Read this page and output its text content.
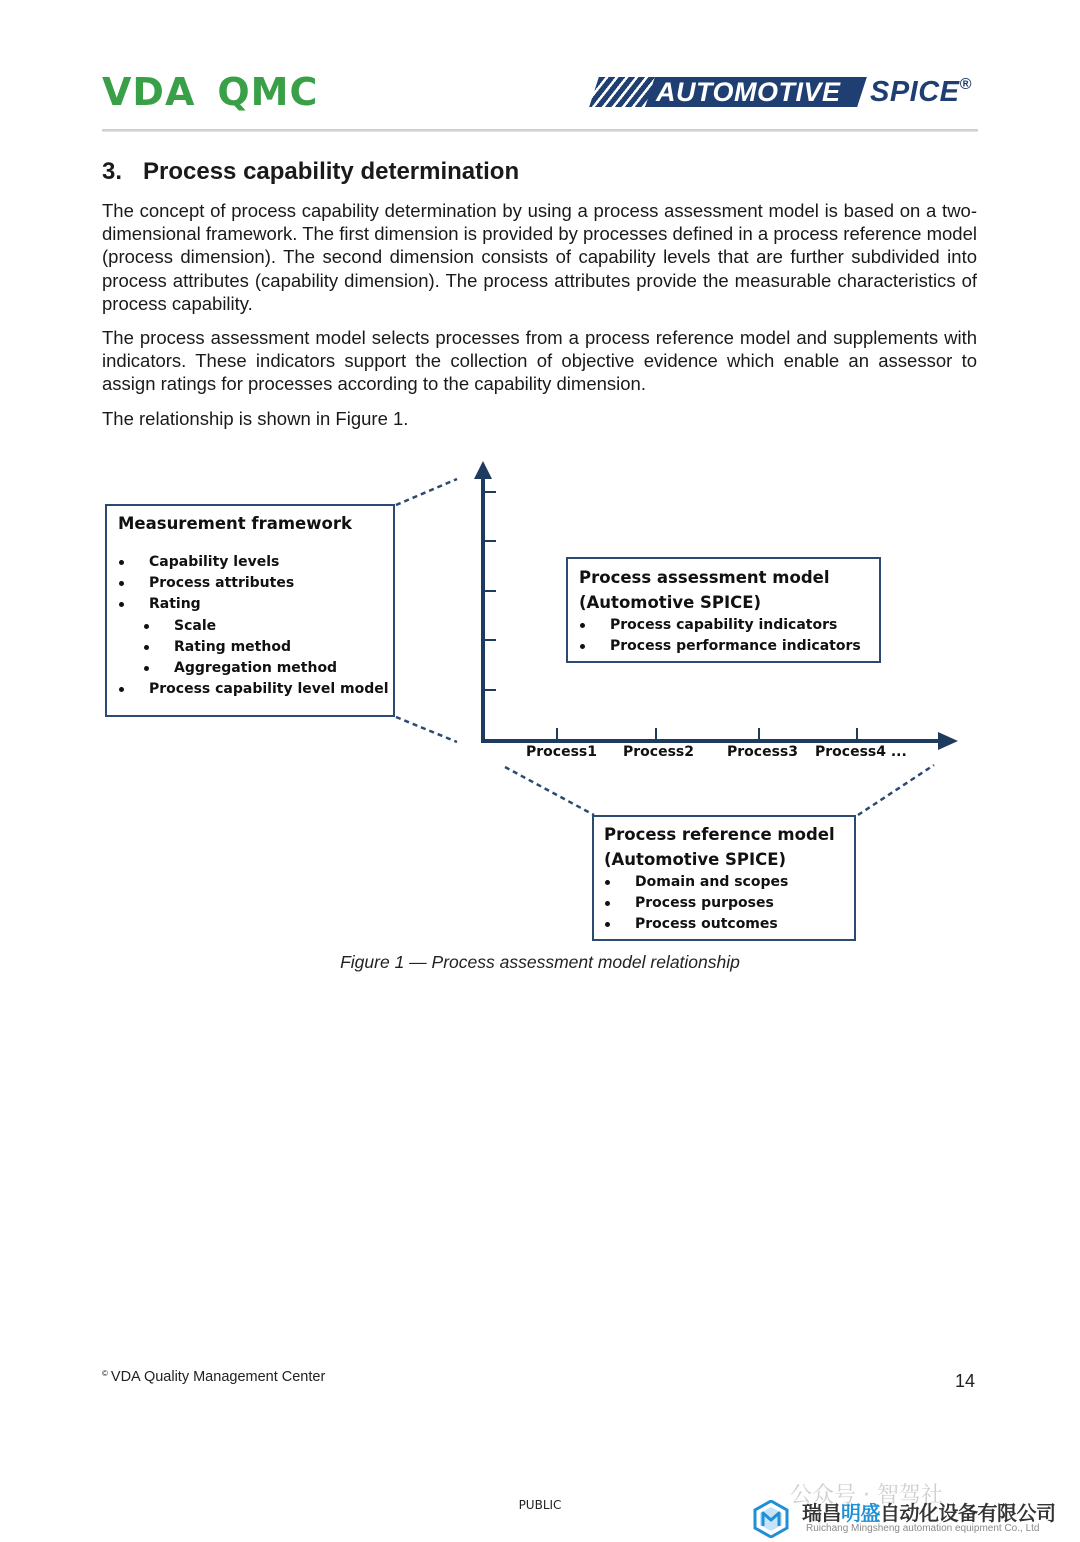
VDA QMC	AUTOMOTIVE	SPICE®
3. Process capability determination

The concept of process capability determination by using a process assessment model is based on a two-dimensional framework. The first dimension is provided by processes defined in a process reference model (process dimension). The second dimension consists of capability levels that are further subdivided into process attributes (capability dimension). The process attributes provide the measurable characteristics of process capability.

The process assessment model selects processes from a process reference model and supplements with indicators. These indicators support the collection of objective evidence which enable an assessor to assign ratings for processes according to the capability dimension.

The relationship is shown in Figure 1.

Process1 Process2 Process3 Process4 ...
Measurement framework
Capability levels
Process attributes
Rating
Scale
Rating method
Aggregation method
Process capability level model
Process assessment model
(Automotive SPICE)
Process capability indicators
Process performance indicators
Process reference model
(Automotive SPICE)
Domain and scopes
Process purposes
Process outcomes
Figure 1 — Process assessment model relationship
© VDA Quality Management Center	14
PUBLIC	公众号 · 智驾社
瑞昌明盛自动化设备有限公司
Ruichang Mingsheng automation equipment Co., Ltd
